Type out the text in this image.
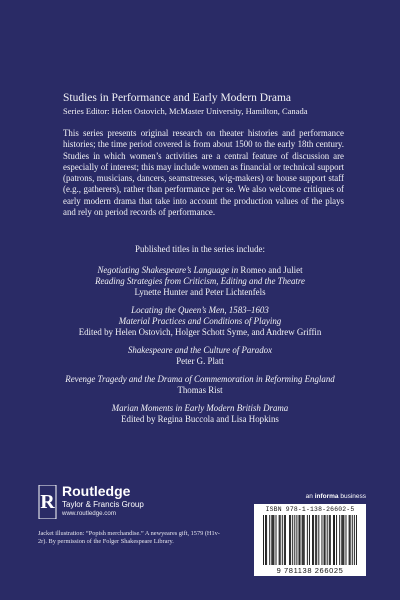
Studies in Performance and Early Modern Drama

Series Editor: Helen Ostovich, McMaster University, Hamilton, Canada

This series presents original research on theater histories and performance histories; the time period covered is from about 1500 to the early 18th century. Studies in which women’s activities are a central feature of discussion are especially of interest; this may include women as financial or technical support (patrons, musicians, dancers, seamstresses, wig-makers) or house support staff (e.g., gatherers), rather than performance per se. We also welcome critiques of early modern drama that take into account the production values of the plays and rely on period records of performance.

Published titles in the series include:

Negotiating Shakespeare’s Language in Romeo and Juliet
Reading Strategies from Criticism, Editing and the Theatre
Lynette Hunter and Peter Lichtenfels
Locating the Queen’s Men, 1583–1603
Material Practices and Conditions of Playing
Edited by Helen Ostovich, Holger Schott Syme, and Andrew Griffin
Shakespeare and the Culture of Paradox
Peter G. Platt
Revenge Tragedy and the Drama of Commemoration in Reforming England
Thomas Rist
Marian Moments in Early Modern British Drama
Edited by Regina Buccola and Lisa Hopkins
R Routledge
Taylor & Francis Group
www.routledge.com
an informa business
ISBN 978-1-138-26602-5
9 781138 266025

Jacket illustration: “Popish merchandise.” A newyeares gift, 1579 (H1v-2r). By permission of the Folger Shakespeare Library.
